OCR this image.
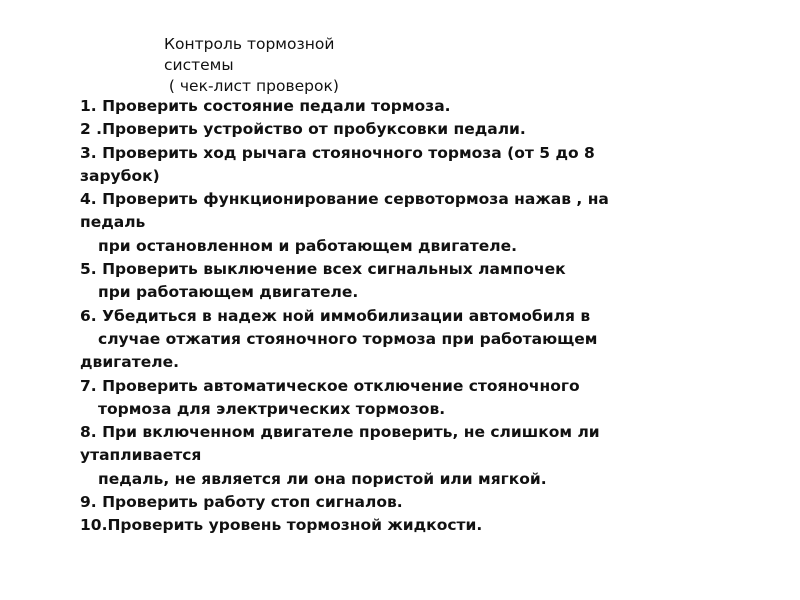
Контроль тормозной
системы
( чек-лист проверок)
1. Проверить состояние педали тормоза.
2 .Проверить устройство от пробуксовки педали.
3. Проверить ход рычага стояночного тормоза (от 5 до 8
зарубок)
4. Проверить функционирование сервотормоза нажав , на
педаль
при остановленном и работающем двигателе.
5. Проверить выключение всех сигнальных лампочек
при работающем двигателе.
6. Убедиться в надеж ной иммобилизации автомобиля в
случае отжатия стояночного тормоза при работающем
двигателе.
7. Проверить автоматическое отключение стояночного
тормоза для электрических тормозов.
8. При включенном двигателе проверить, не слишком ли
утапливается
педаль, не является ли она пористой или мягкой.
9. Проверить работу стоп сигналов.
10.Проверить уровень тормозной жидкости.
